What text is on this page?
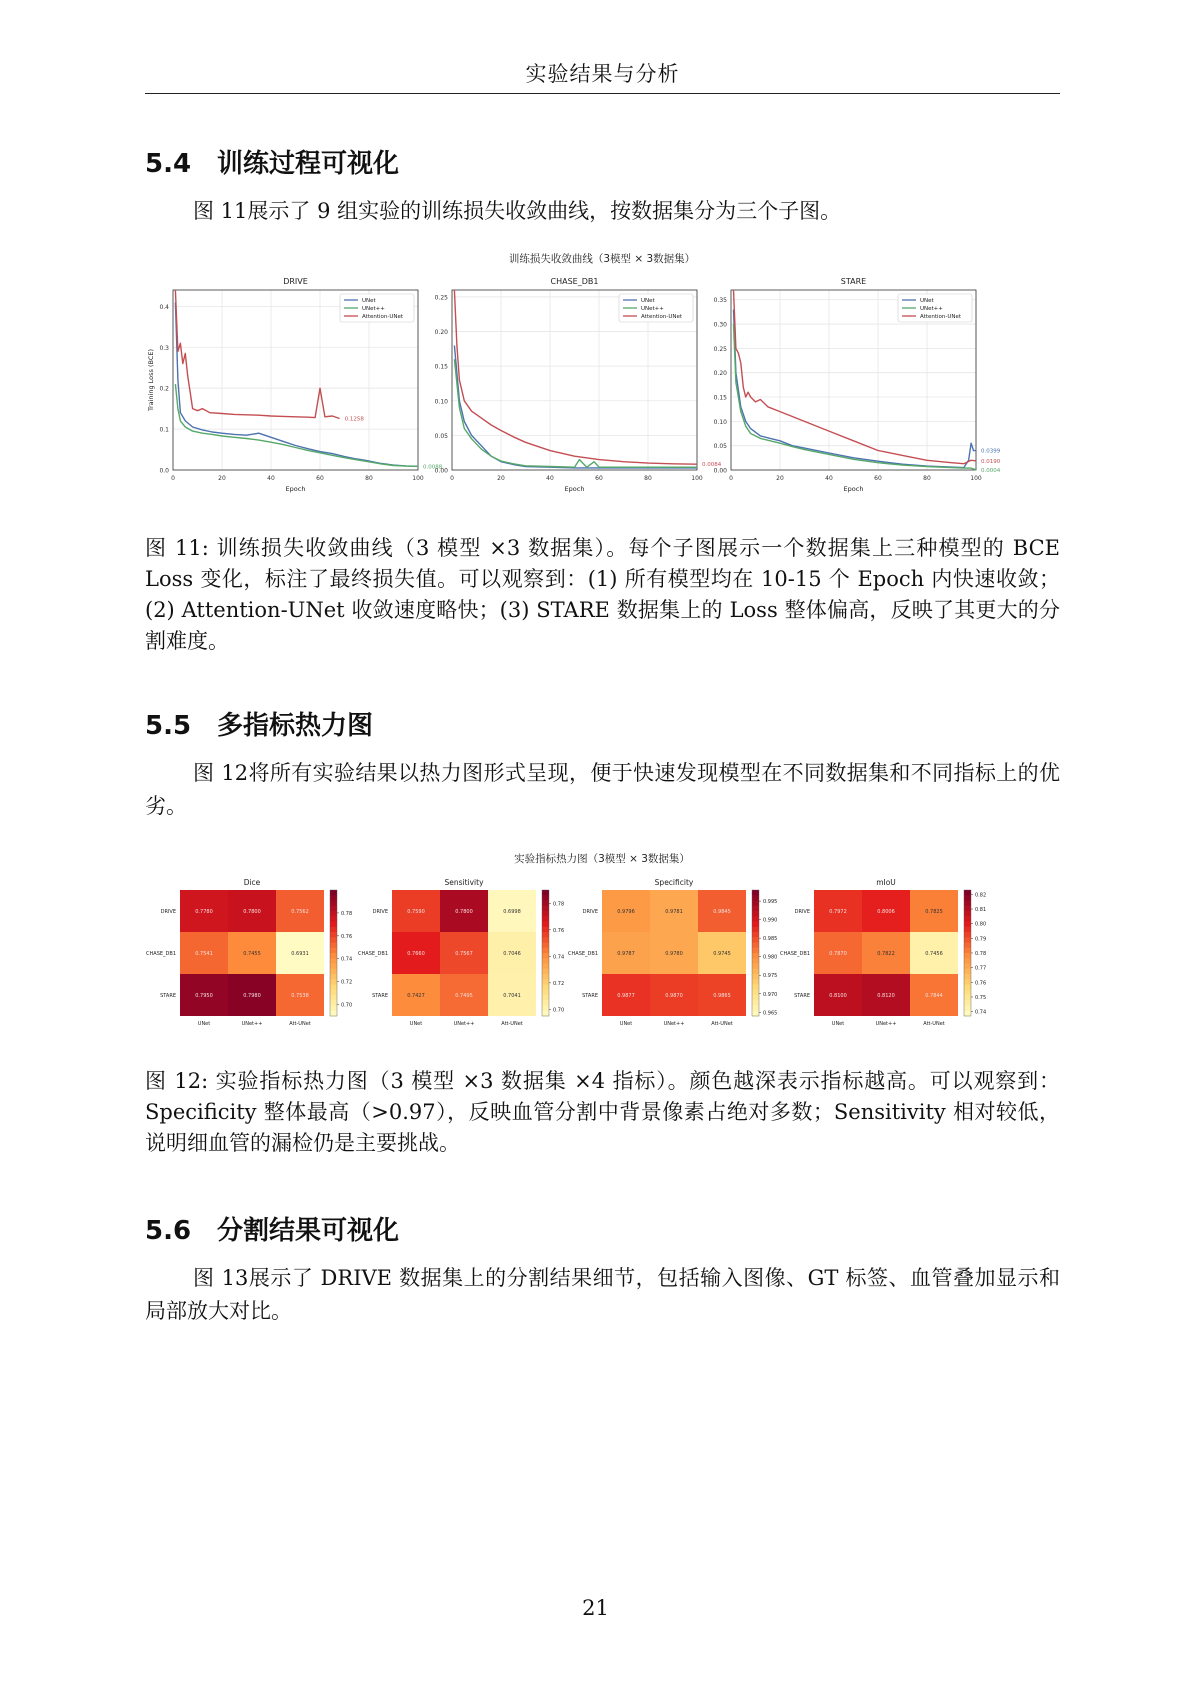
实验结果与分析
5.4 训练过程可视化
图 11展示了 9 组实验的训练损失收敛曲线，按数据集分为三个子图。
训练损失收敛曲线（3模型 × 3数据集）
DRIVE
0.0
0.1
0.2
0.3
0.4
0	20	40	60	80	100
Epoch
Training Loss (BCE)
0.1258
0.0088
UNet
UNet++
Attention-UNet
CHASE_DB1
0.00
0.05
0.10
0.15
0.20
0.25
0	20	40	60	80	100
Epoch
0.0084
UNet
UNet++
Attention-UNet
STARE
0.00
0.05
0.10
0.15
0.20
0.25
0.30
0.35
0	20	40	60	80	100
Epoch
0.0399
0.0190
0.0004
UNet
UNet++
Attention-UNet
图 11: 训练损失收敛曲线（3 模型 ×3 数据集）。每个子图展示一个数据集上三种模型的 BCE Loss 变化，标注了最终损失值。可以观察到：(1) 所有模型均在 10-15 个 Epoch 内快速收敛；(2) Attention-UNet 收敛速度略快；(3) STARE 数据集上的 Loss 整体偏高，反映了其更大的分割难度。
5.5 多指标热力图
图 12将所有实验结果以热力图形式呈现，便于快速发现模型在不同数据集和不同指标上的优劣。
实验指标热力图（3模型 × 3数据集）
Dice
0.7780	0.7800	0.7562
0.7541	0.7455	0.6931
0.7950	0.7980	0.7538
DRIVE
CHASE_DB1
STARE
UNet	UNet++	Att-UNet
0.70
0.72
0.74
0.76
0.78
Sensitivity
0.7590	0.7800	0.6998
0.7660	0.7567	0.7046
0.7427	0.7495	0.7041
DRIVE
CHASE_DB1
STARE
UNet	UNet++	Att-UNet
0.70
0.72
0.74
0.76
0.78
Specificity
0.9796	0.9781	0.9845
0.9787	0.9780	0.9745
0.9877	0.9870	0.9865
DRIVE
CHASE_DB1
STARE
UNet	UNet++	Att-UNet
0.965
0.970
0.975
0.980
0.985
0.990
0.995
mIoU
0.7972	0.8006	0.7825
0.7870	0.7822	0.7456
0.8100	0.8120	0.7844
DRIVE
CHASE_DB1
STARE
UNet	UNet++	Att-UNet
0.74
0.75
0.76
0.77
0.78
0.79
0.80
0.81
0.82
图 12: 实验指标热力图（3 模型 ×3 数据集 ×4 指标）。颜色越深表示指标越高。可以观察到：Specificity 整体最高（>0.97），反映血管分割中背景像素占绝对多数；Sensitivity 相对较低，说明细血管的漏检仍是主要挑战。
5.6 分割结果可视化
图 13展示了 DRIVE 数据集上的分割结果细节，包括输入图像、GT 标签、血管叠加显示和局部放大对比。
21
